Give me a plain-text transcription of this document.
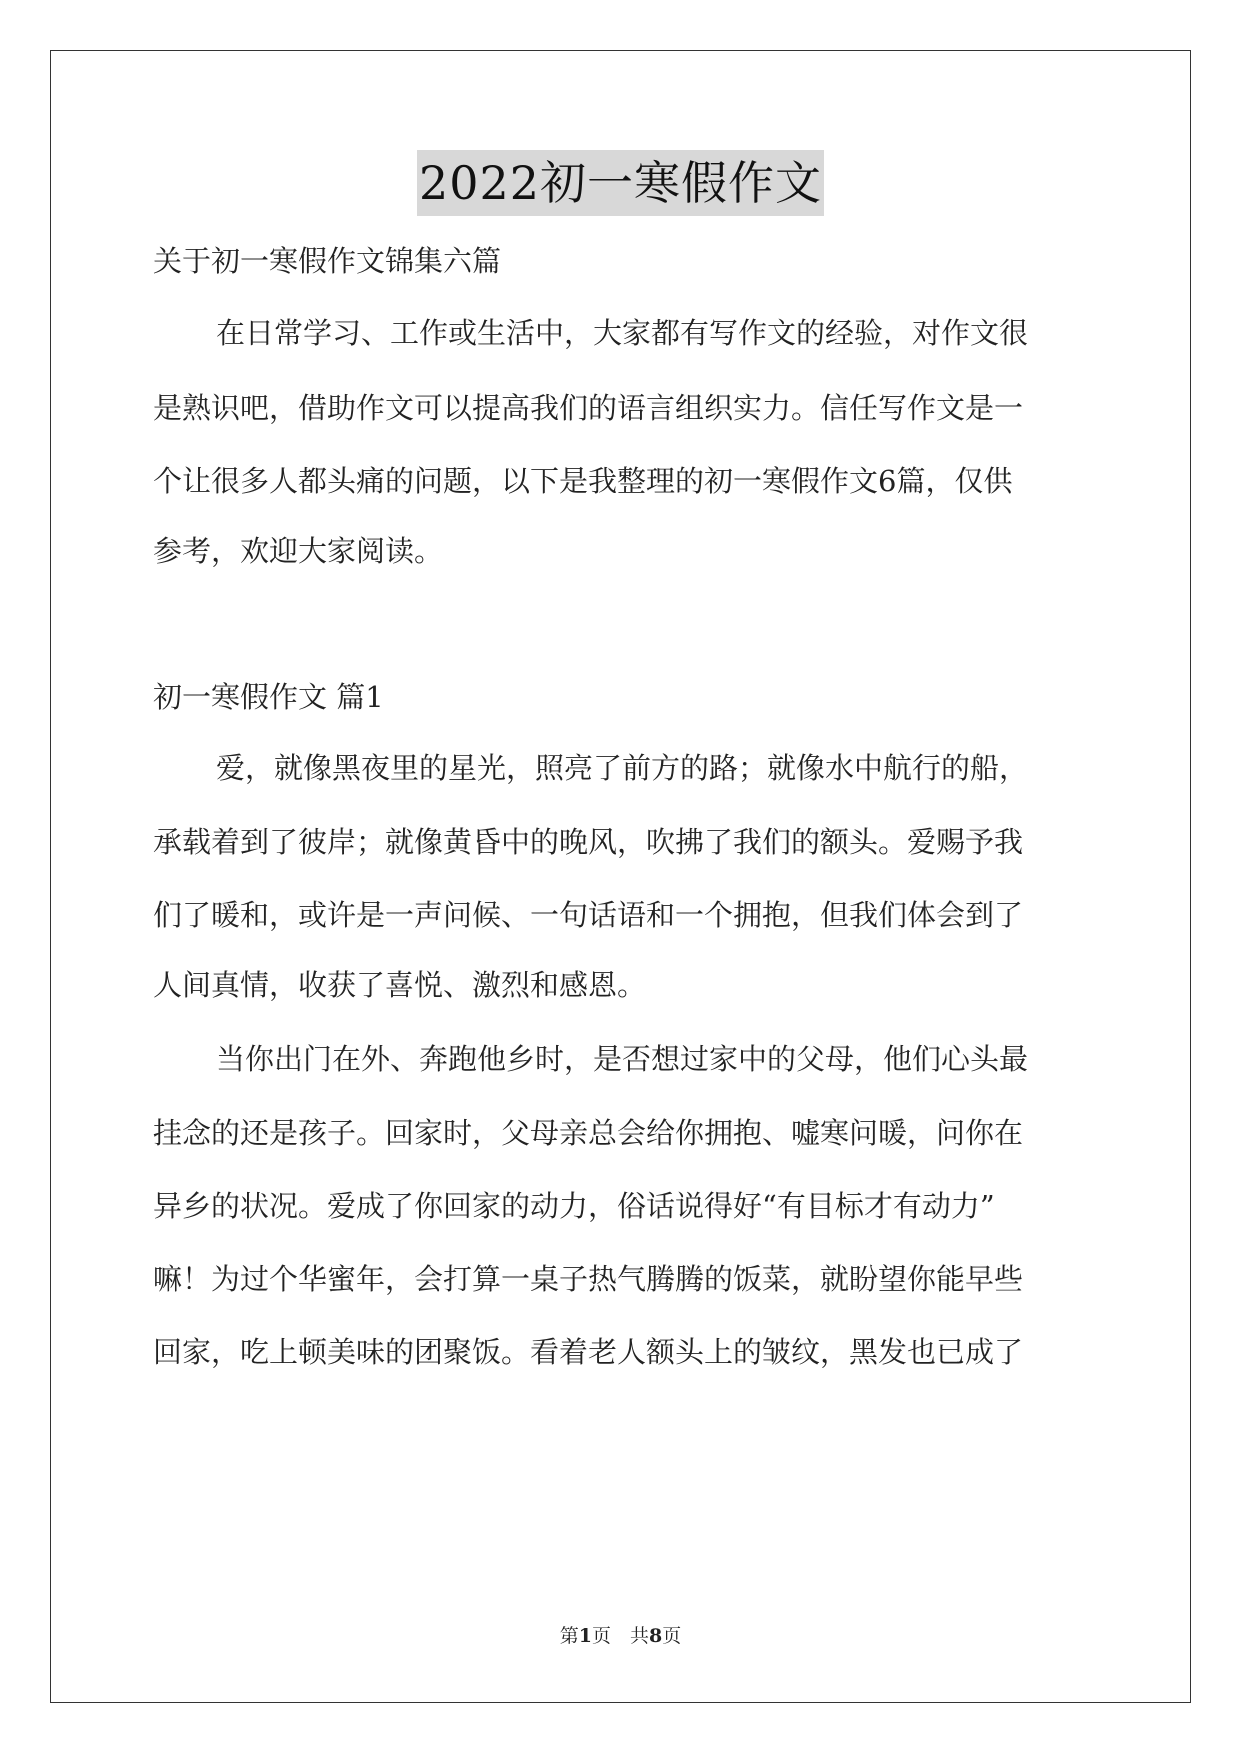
2022初一寒假作文
关于初一寒假作文锦集六篇
在日常学习、工作或生活中，大家都有写作文的经验，对作文很
是熟识吧，借助作文可以提高我们的语言组织实力。信任写作文是一
个让很多人都头痛的问题，以下是我整理的初一寒假作文6篇，仅供
参考，欢迎大家阅读。
初一寒假作文 篇1
爱，就像黑夜里的星光，照亮了前方的路；就像水中航行的船，
承载着到了彼岸；就像黄昏中的晚风，吹拂了我们的额头。爱赐予我
们了暖和，或许是一声问候、一句话语和一个拥抱，但我们体会到了
人间真情，收获了喜悦、激烈和感恩。
当你出门在外、奔跑他乡时，是否想过家中的父母，他们心头最
挂念的还是孩子。回家时，父母亲总会给你拥抱、嘘寒问暖，问你在
异乡的状况。爱成了你回家的动力，俗话说得好“有目标才有动力”
嘛！为过个华蜜年，会打算一桌子热气腾腾的饭菜，就盼望你能早些
回家，吃上顿美味的团聚饭。看着老人额头上的皱纹，黑发也已成了
第1页　共8页
